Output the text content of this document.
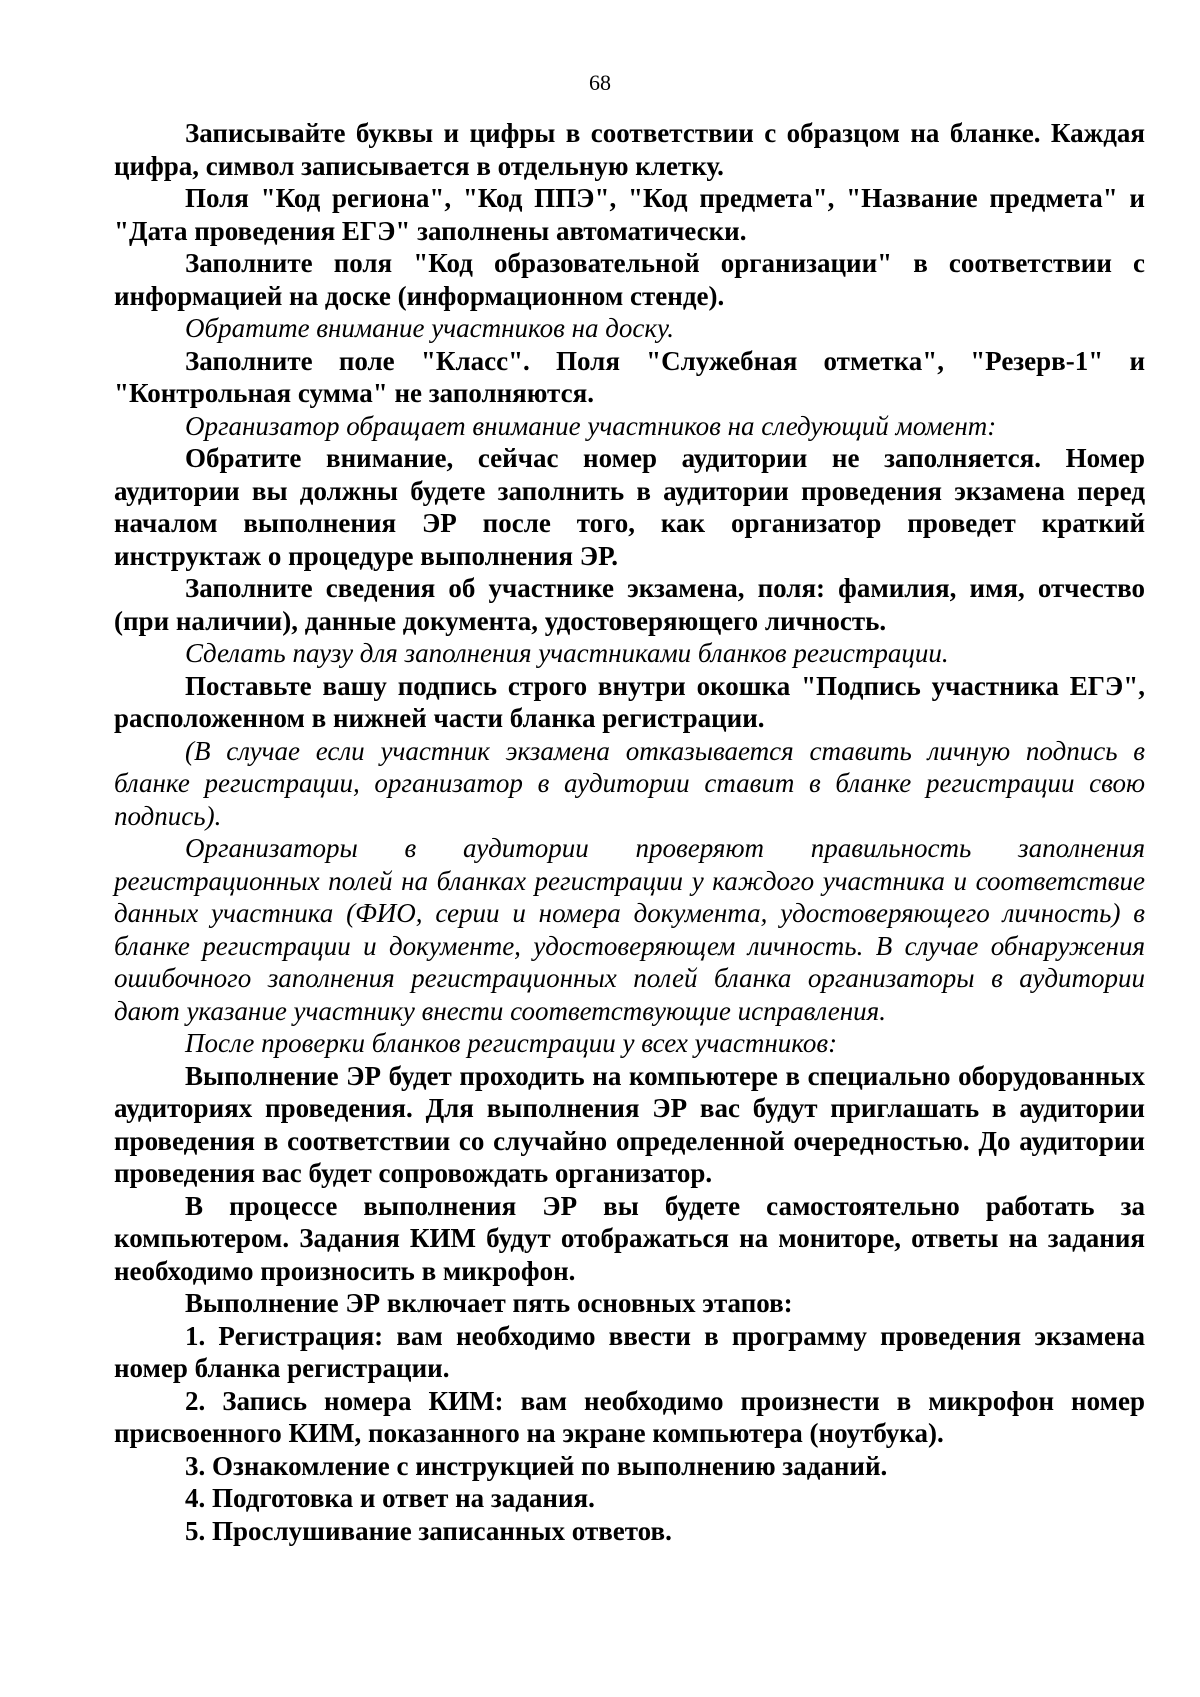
68

Записывайте буквы и цифры в соответствии с образцом на бланке. Каждая цифра, символ записывается в отдельную клетку.

Поля "Код региона", "Код ППЭ", "Код предмета", "Название предмета" и "Дата проведения ЕГЭ" заполнены автоматически.

Заполните поля "Код образовательной организации" в соответствии с информацией на доске (информационном стенде).

Обратите внимание участников на доску.

Заполните поле "Класс". Поля "Служебная отметка", "Резерв-1" и "Контрольная сумма" не заполняются.

Организатор обращает внимание участников на следующий момент:

Обратите внимание, сейчас номер аудитории не заполняется. Номер аудитории вы должны будете заполнить в аудитории проведения экзамена перед началом выполнения ЭР после того, как организатор проведет краткий инструктаж о процедуре выполнения ЭР.

Заполните сведения об участнике экзамена, поля: фамилия, имя, отчество (при наличии), данные документа, удостоверяющего личность.

Сделать паузу для заполнения участниками бланков регистрации.

Поставьте вашу подпись строго внутри окошка "Подпись участника ЕГЭ", расположенном в нижней части бланка регистрации.

(В случае если участник экзамена отказывается ставить личную подпись в бланке регистрации, организатор в аудитории ставит в бланке регистрации свою подпись).

Организаторы в аудитории проверяют правильность заполнения регистрационных полей на бланках регистрации у каждого участника и соответствие данных участника (ФИО, серии и номера документа, удостоверяющего личность) в бланке регистрации и документе, удостоверяющем личность. В случае обнаружения ошибочного заполнения регистрационных полей бланка организаторы в аудитории дают указание участнику внести соответствующие исправления.

После проверки бланков регистрации у всех участников:

Выполнение ЭР будет проходить на компьютере в специально оборудованных аудиториях проведения. Для выполнения ЭР вас будут приглашать в аудитории проведения в соответствии со случайно определенной очередностью. До аудитории проведения вас будет сопровождать организатор.

В процессе выполнения ЭР вы будете самостоятельно работать за компьютером. Задания КИМ будут отображаться на мониторе, ответы на задания необходимо произносить в микрофон.

Выполнение ЭР включает пять основных этапов:

1. Регистрация: вам необходимо ввести в программу проведения экзамена номер бланка регистрации.

2. Запись номера КИМ: вам необходимо произнести в микрофон номер присвоенного КИМ, показанного на экране компьютера (ноутбука).

3. Ознакомление с инструкцией по выполнению заданий.

4. Подготовка и ответ на задания.

5. Прослушивание записанных ответов.
